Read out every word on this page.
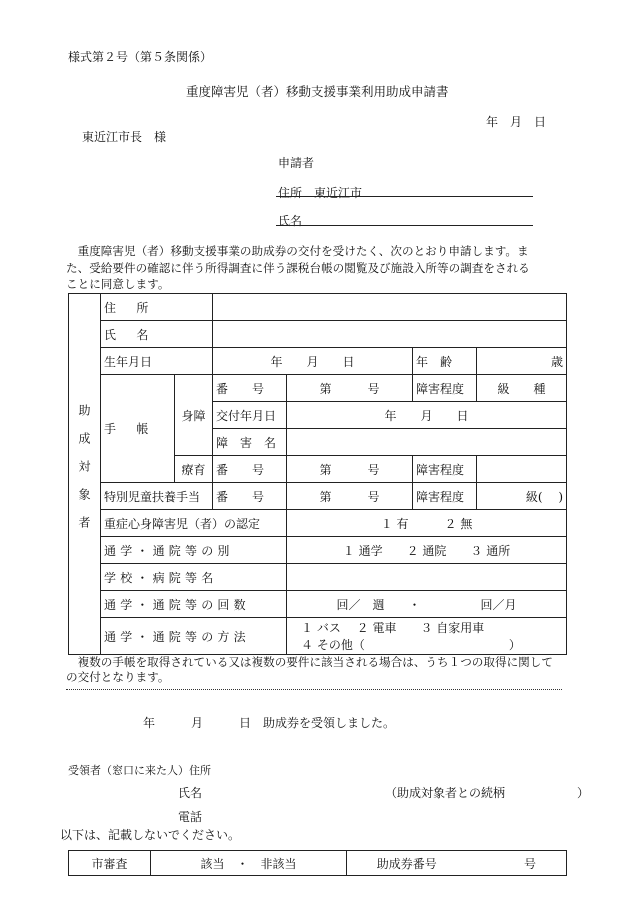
様式第２号（第５条関係）
重度障害児（者）移動支援事業利用助成申請書
年　月　日
東近江市長　様
申請者
住所　東近江市
氏名
　重度障害児（者）移動支援事業の助成券の交付を受けたく、次のとおり申請します。ま
た、受給要件の確認に伴う所得調査に伴う課税台帳の閲覧及び施設入所等の調査をされる
ことに同意します。
助成対象者	住　所					
	氏　名					
	生年月日		年　　月　　日		年　齢	歳
	手　帳	身障	番　　号	第　　　号	障害程度	級　　種
			交付年月日	年　　月　　日		
			障　害　名			
		療育	番　　号	第　　　号	障害程度	
	特別児童扶養手当		番　　号	第　　　号	障害程度	級(　 )
	重症心身障害児（者）の認定			１ 有　　　２ 無		
	通学・通院等の別			１ 通学　　２ 通院　　３ 通所		
	学校・病院等名					
	通学・通院等の回数			回／　週　　・　　　　　回／月		
	通学・通院等の方法			１ バス　 ２ 電車　　３ 自家用車
４ その他（　　　　　　　　　　　　）		
　複数の手帳を取得されている又は複数の要件に該当される場合は、うち１つの取得に関して
の交付となります。
年　　　月　　　日　助成券を受領しました。
受領者（窓口に来た人）住所
氏名	（助成対象者との続柄　　　　　　）
電話
以下は、記載しないでください。
市審査	該当　・　非該当	助成券番号	号
